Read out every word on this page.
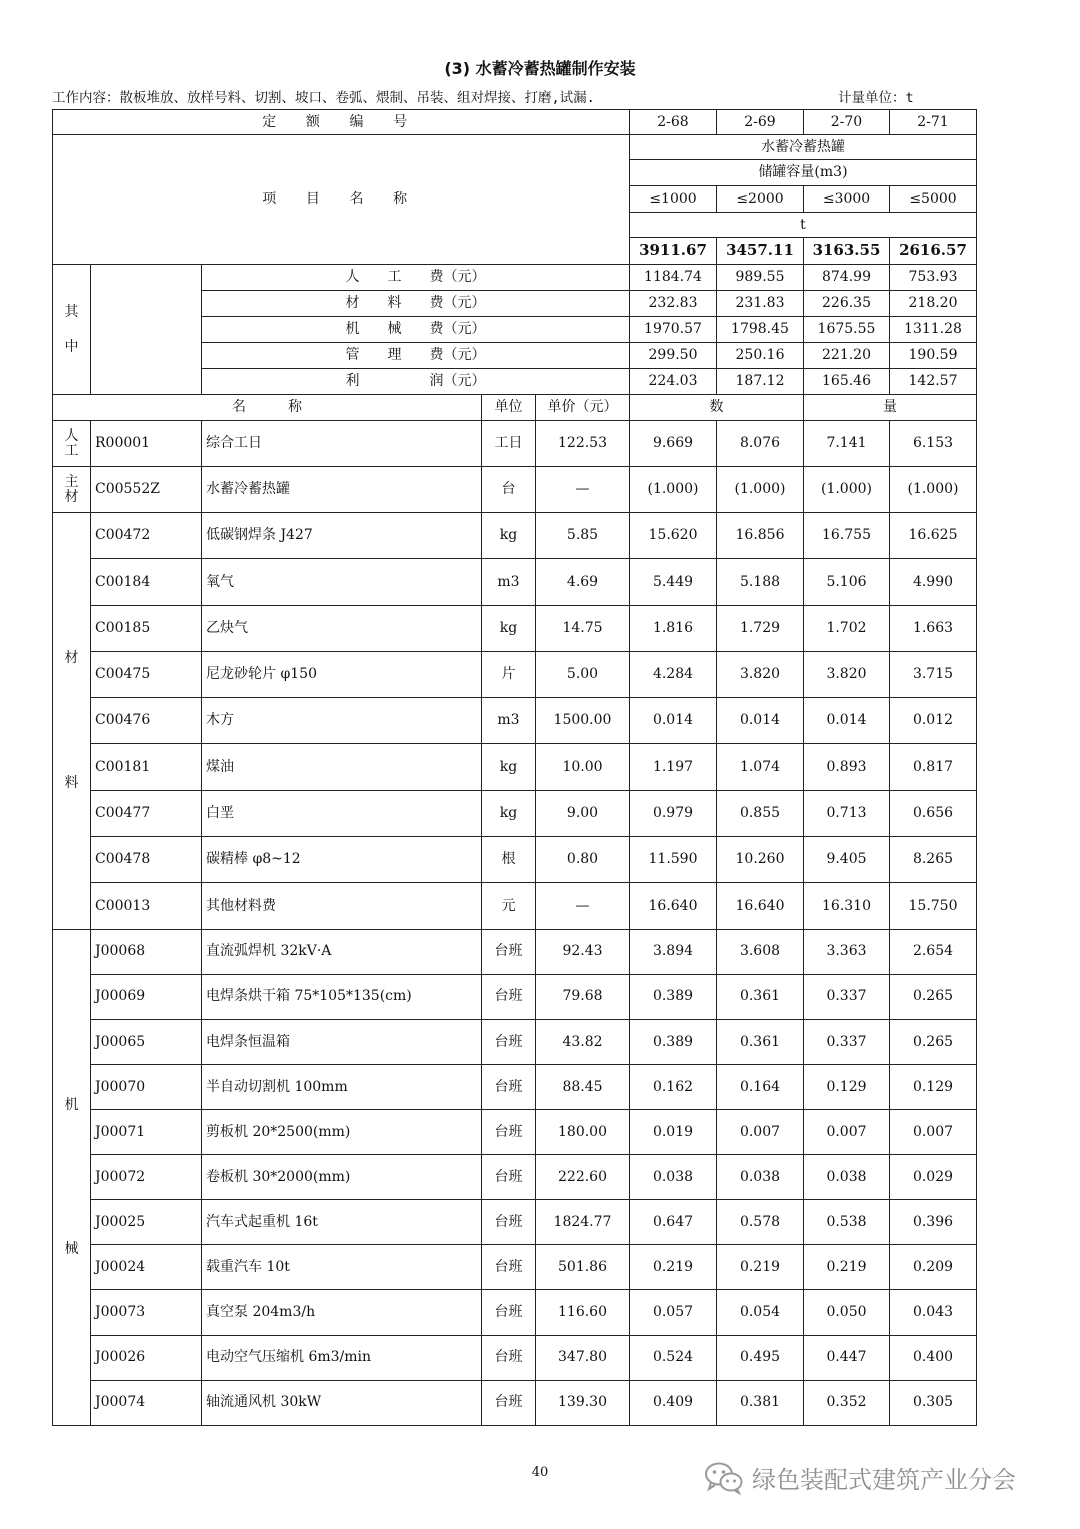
(3) 水蓄冷蓄热罐制作安装
工作内容：散板堆放、放样号料、切割、坡口、卷弧、煨制、吊装、组对焊接、打磨,试漏.	计量单位：t
定 额 编 号					2-68	2-69	2-70	2-71
项 目 名 称					水蓄冷蓄热罐			
					储罐容量(m3)			
					≤1000	≤2000	≤3000	≤5000
					t			
					3911.67	3457.11	3163.55	2616.57

其
中		人　　工　　费（元）			1184.74	989.55	874.99	753.93
		材　　料　　费（元）			232.83	231.83	226.35	218.20
		机　　械　　费（元）			1970.57	1798.45	1675.55	1311.28
		管　　理　　费（元）			299.50	250.16	221.20	190.59
		利　　　　　润（元）			224.03	187.12	165.46	142.57
名　　　称			单位	单价（元）	数		量	

人
工	R00001	综合工日	工日	122.53	9.669	8.076	7.141	6.153

主
材	C00552Z	水蓄冷蓄热罐	台	—	(1.000)	(1.000)	(1.000)	(1.000)

材
料	C00472	低碳钢焊条 J427	kg	5.85	15.620	16.856	16.755	16.625
	C00184	氧气	m3	4.69	5.449	5.188	5.106	4.990
	C00185	乙炔气	kg	14.75	1.816	1.729	1.702	1.663
	C00475	尼龙砂轮片 φ150	片	5.00	4.284	3.820	3.820	3.715
	C00476	木方	m3	1500.00	0.014	0.014	0.014	0.012
	C00181	煤油	kg	10.00	1.197	1.074	0.893	0.817
	C00477	白垩	kg	9.00	0.979	0.855	0.713	0.656
	C00478	碳精棒 φ8~12	根	0.80	11.590	10.260	9.405	8.265
	C00013	其他材料费	元	—	16.640	16.640	16.310	15.750

机
械	J00068	直流弧焊机 32kV·A	台班	92.43	3.894	3.608	3.363	2.654
	J00069	电焊条烘干箱 75*105*135(cm)	台班	79.68	0.389	0.361	0.337	0.265
	J00065	电焊条恒温箱	台班	43.82	0.389	0.361	0.337	0.265
	J00070	半自动切割机 100mm	台班	88.45	0.162	0.164	0.129	0.129
	J00071	剪板机 20*2500(mm)	台班	180.00	0.019	0.007	0.007	0.007
	J00072	卷板机 30*2000(mm)	台班	222.60	0.038	0.038	0.038	0.029
	J00025	汽车式起重机 16t	台班	1824.77	0.647	0.578	0.538	0.396
	J00024	载重汽车 10t	台班	501.86	0.219	0.219	0.219	0.209
	J00073	真空泵 204m3/h	台班	116.60	0.057	0.054	0.050	0.043
	J00026	电动空气压缩机 6m3/min	台班	347.80	0.524	0.495	0.447	0.400
	J00074	轴流通风机 30kW	台班	139.30	0.409	0.381	0.352	0.305
40	绿色装配式建筑产业分会
